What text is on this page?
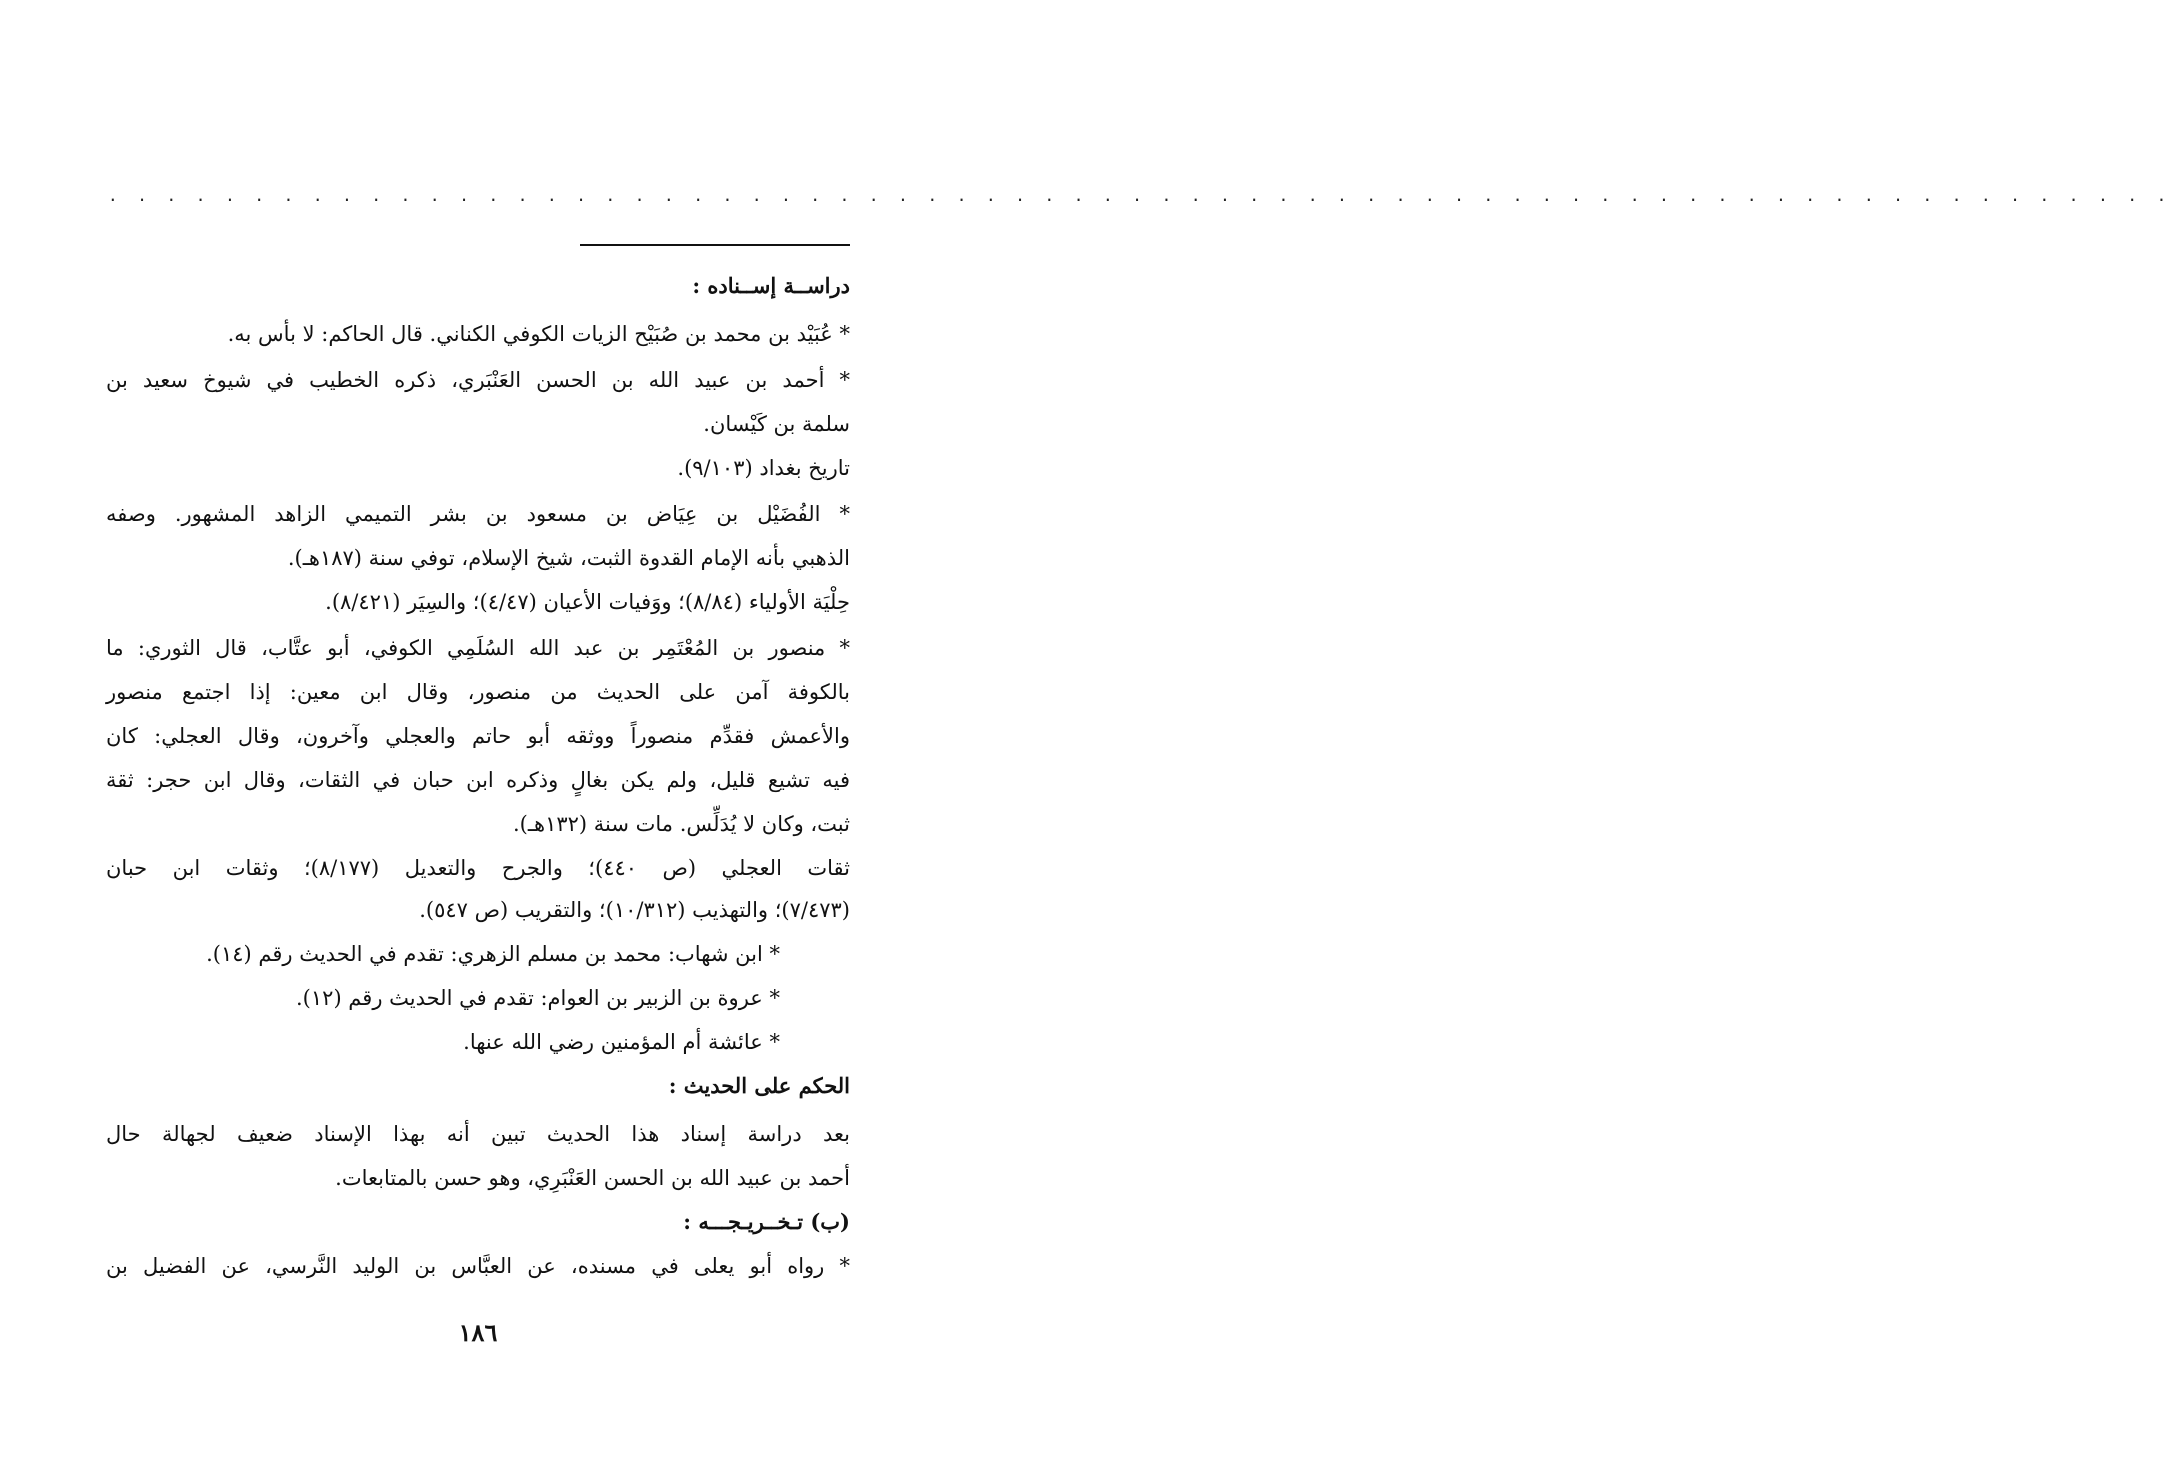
. . . . . . . . . . . . . . . . . . . . . . . . . . . . . . . . . . . . . . . . . . . . . . . . . . . . . . . . . . . . . . . . . . . . . . .
دراســة إســناده :
* عُبَيْد بن محمد بن صُبَيْح الزيات الكوفي الكناني. قال الحاكم: لا بأس به.
* أحمد بن عبيد الله بن الحسن العَنْبَري، ذكره الخطيب في شيوخ سعيد بن
سلمة بن كَيْسان.
تاريخ بغداد (٩/١٠٣).
* الفُضَيْل بن عِيَاض بن مسعود بن بشر التميمي الزاهد المشهور. وصفه
الذهبي بأنه الإمام القدوة الثبت، شيخ الإسلام، توفي سنة (١٨٧هـ).
حِلْيَة الأولياء (٨/٨٤)؛ ووَفيات الأعيان (٤/٤٧)؛ والسِيَر (٨/٤٢١).
* منصور بن المُعْتَمِر بن عبد الله السُلَمِي الكوفي، أبو عتَّاب، قال الثوري: ما
بالكوفة آمن على الحديث من منصور، وقال ابن معين: إذا اجتمع منصور
والأعمش فقدِّم منصوراً ووثقه أبو حاتم والعجلي وآخرون، وقال العجلي: كان
فيه تشيع قليل، ولم يكن بغالٍ وذكره ابن حبان في الثقات، وقال ابن حجر: ثقة
ثبت، وكان لا يُدَلِّس. مات سنة (١٣٢هـ).
ثقات العجلي (ص ٤٤٠)؛ والجرح والتعديل (٨/١٧٧)؛ وثقات ابن حبان
(٧/٤٧٣)؛ والتهذيب (١٠/٣١٢)؛ والتقريب (ص ٥٤٧).
* ابن شهاب: محمد بن مسلم الزهري: تقدم في الحديث رقم (١٤).
* عروة بن الزبير بن العوام: تقدم في الحديث رقم (١٢).
* عائشة أم المؤمنين رضي الله عنها.
الحكم على الحديث :
بعد دراسة إسناد هذا الحديث تبين أنه بهذا الإسناد ضعيف لجهالة حال
أحمد بن عبيد الله بن الحسن العَنْبَرِي، وهو حسن بالمتابعات.
(ب) تـخــريـجـــه :
* رواه أبو يعلى في مسنده، عن العبَّاس بن الوليد النَّرسي، عن الفضيل بن
١٨٦
